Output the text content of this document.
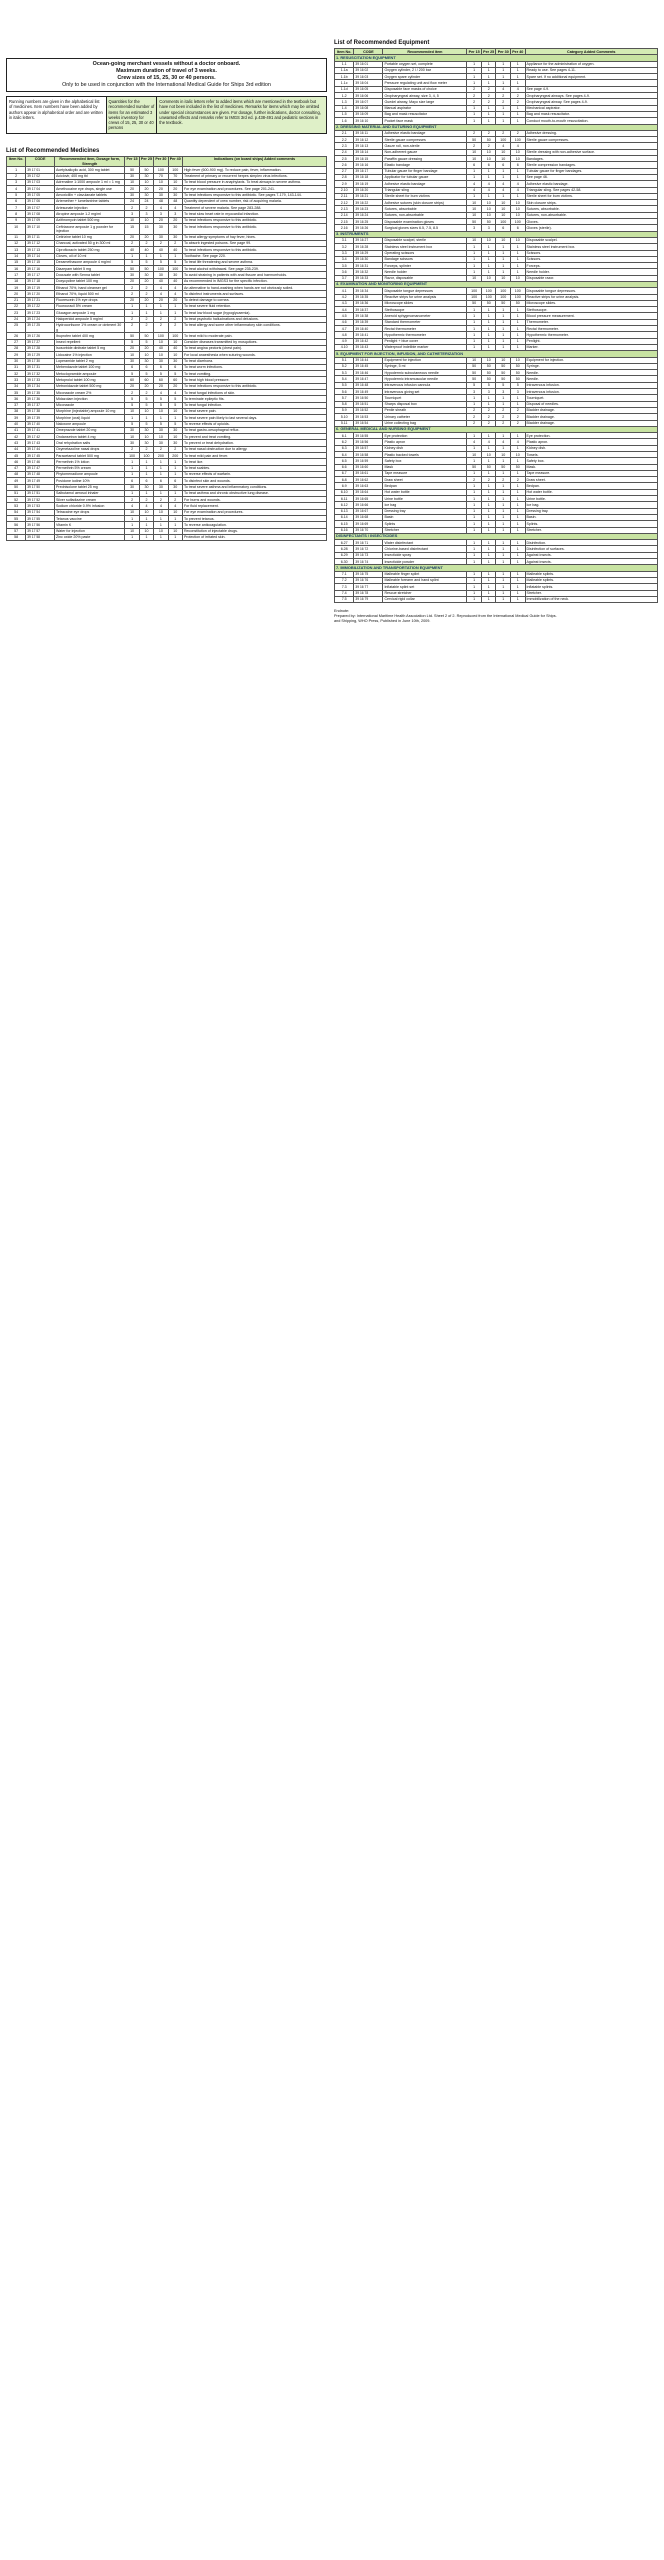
Ocean-going merchant vessels without a doctor onboard.
Maximum duration of travel of 3 weeks.
Crew sizes of 15, 25, 30 or 40 persons.
Only to be used in conjunction with the International Medical Guide for Ships 3rd edition
Running numbers are given in the alphabetical list of medicines. Item numbers have been added by authors appear in alphabetical order and are written in italic letters.
Quantities for the recommended number of items for an estimated 3 weeks inventory for crews of 15, 25, 30 or 40 persons
Comments in italic letters refer to added items which are mentioned in the textbook but have not been included in the list of medicines. Remarks for items which may be omitted under special circumstances are given. For dosage, further indications, doctor consulting, unwanted effects and remarks refer to IMGS 3rd ed. p.438-491 and pediatric sections in the textbook.
List of Recommended Medicines
Item No.	CODE	Recommended item, Dosage form, Strength	Per 15	Per 25	Per 30	Per 40	Indications (on board ships) Added comments
1	39 17 01	Acetylsalicylic acid, 300 mg tablet	50	50	100	100	High fever (600-900 mg). To reduce pain, fever, inflammation.
2	39 17 02	Aciclovir, 400 mg tbl	30	30	70	70	Treatment of primary or recurrent herpes simplex virus infections.
3	39 17 03	Adrenaline 1:1000 ampoule 1 ml = 1 mg	10	10	10	10	To treat blood pressure in anaphylaxis. To treat airways in severe asthma.
4	39 17 04	Amethocaine eye drops, single use	20	20	20	20	For eye examination and procedures. See page 201-241.
5	39 17 05	Amoxicillin + clavulanate tablets	30	30	30	30	To treat infections responsive to this antibiotic. See pages 7-179, 143-144.
6	39 17 06	Artemether + lumefantrine tablets	24	24	48	48	Quantity dependent of crew number, risk of acquiring malaria.
7	39 17 07	Artesunate injection	2	2	4	4	Treatment of severe malaria. See page 283-288.
8	39 17 08	Atropine ampoule 1.2 mg/ml	3	3	3	3	To treat slow heart rate in myocardial infarction.
9	39 17 09	Azithromycin tablet 500 mg	10	10	20	20	To treat infections responsive to this antibiotic.
10	39 17 10	Ceftriaxone ampoule 1 g powder for injection	15	15	30	30	To treat infections responsive to this antibiotic.
11	39 17 11	Cetirizine tablet 10 mg	20	20	30	30	To treat allergy symptoms of hay fever, hives.
12	39 17 12	Charcoal, activated 50 g in 300 ml	2	2	2	2	To absorb ingested poisons. See page 99.
13	39 17 13	Ciprofloxacin tablet 250 mg	40	40	40	40	To treat infections responsive to this antibiotic.
14	39 17 14	Cloves, oil of 10 ml	1	1	1	1	Toothache. See page 220.
15	39 17 15	Dexamethasone ampoule 4 mg/ml	5	5	5	5	To treat life threatening and severe asthma.
16	39 17 16	Diazepam tablet 5 mg	50	50	100	100	To treat alcohol withdrawal. See page 235-239.
17	39 17 17	Docusate with Senna tablet	30	30	30	30	To avoid straining in patients with anal fissure and haemorrhoids.
18	39 17 18	Doxycycline tablet 100 mg	20	20	40	40	As recommended in IMGS3 for the specific infection.
19	39 17 19	Ethanol 70%, hand cleanser gel	2	2	4	4	An alternative to hand-washing when hands are not obviously soiled.
20	39 17 20	Ethanol 70%, liquid 500 ml	2	2	4	4	To disinfect instruments and surfaces.
21	39 17 21	Fluorescein 1% eye drops	20	20	20	20	To detect damage to cornea.
22	39 17 22	Fluorouracil 5% cream	1	1	1	1	To treat severe fluid retention.
23	39 17 23	Glucagon ampoule 1 mg	1	1	1	1	To treat low blood sugar (hypoglycaemia).
24	39 17 24	Haloperidol ampoule 5 mg/ml	2	2	2	2	To treat psychotic hallucinations and delusions.
25	39 17 25	Hydrocortisone 1% cream or ointment 30 g	2	2	2	2	To treat allergy and some other inflammatory skin conditions.
26	39 17 26	Ibuprofen tablet 400 mg	50	50	100	100	To treat mild to moderate pain.
27	39 17 27	Insect repellent	5	5	10	10	Consider diseases transmitted by mosquitoes.
28	39 17 28	Isosorbide dinitrate tablet 5 mg	20	20	40	40	To treat angina pectoris (chest pain).
29	39 17 29	Lidocaine 1% injection	10	10	10	10	For local anaesthesia when suturing wounds.
30	39 17 30	Loperamide tablet 2 mg	30	30	30	30	To treat diarrhoea.
31	39 17 31	Mebendazole tablet 100 mg	6	6	6	6	To treat worm infections.
32	39 17 32	Metoclopramide ampoule	5	5	5	5	To treat vomiting.
33	39 17 33	Metoprolol tablet 100 mg	60	60	60	60	To treat high blood pressure.
34	39 17 34	Metronidazole tablet 500 mg	20	20	20	20	To treat infections responsive to this antibiotic.
35	39 17 35	Miconazole cream 2%	2	2	4	4	To treat fungal infections of skin.
36	39 17 36	Midazolam injection	5	5	5	5	To terminate epileptic fits.
37	39 17 37	Miconazole	5	5	5	5	To treat fungal infection.
38	39 17 38	Morphine (injectable) ampoule 10 mg	10	10	10	10	To treat severe pain.
39	39 17 39	Morphine (oral) liquid	1	1	1	1	To treat severe pain likely to last several days.
40	39 17 40	Naloxone ampoule	5	5	5	5	To reverse effects of opioids.
41	39 17 41	Omeprazole tablet 20 mg	30	30	30	30	To treat gastro-oesophageal reflux.
42	39 17 42	Ondansetron tablet 4 mg	10	10	10	10	To prevent and treat vomiting.
43	39 17 43	Oral rehydration salts	30	30	30	30	To prevent or treat dehydration.
44	39 17 44	Oxymetazoline nasal drops	2	2	2	2	To treat nasal obstruction due to allergy.
45	39 17 45	Paracetamol tablet 500 mg	100	100	200	200	To treat mild pain and fever.
46	39 17 46	Permethrin 1% lotion	1	1	1	1	To treat lice.
47	39 17 47	Permethrin 5% cream	1	1	1	1	To treat scabies.
48	39 17 48	Phytomenadione ampoule	1	1	1	1	To reverse effects of warfarin.
49	39 17 49	Povidone iodine 10%	6	6	6	6	To disinfect skin and wounds.
50	39 17 50	Prednisolone tablet 25 mg	30	30	30	30	To treat severe asthma and inflammatory conditions.
51	39 17 51	Salbutamol aerosol inhaler	1	1	1	1	To treat asthma and chronic obstructive lung disease.
52	39 17 52	Silver sulfadiazine cream	2	2	2	2	For burns and wounds.
53	39 17 53	Sodium chloride 0.9% infusion	4	4	4	4	For fluid replacement.
54	39 17 54	Tetracaine eye drops	10	10	10	10	For eye examination and procedures.
55	39 17 55	Tetanus vaccine	1	1	1	1	To prevent tetanus.
56	39 17 56	Vitamin K	1	1	1	1	To reverse anticoagulation.
57	39 17 57	Water for injection	10	10	10	10	Reconstitution of injectable drugs.
58	39 17 58	Zinc oxide 20% paste	1	1	1	1	Protection of irritated skin.
List of Recommended Equipment
Item No.	CODE	Recommended item	Per 15	Per 25	Per 30	Per 40	Category Added Comments
1. RESUSCITATION EQUIPMENT							
1.1	39 16 01	Portable oxygen set, complete	1	1	1	1	Appliance for the administration of oxygen.
1.1a	39 16 02	Oxygen cylinder, 2 l / 200 bar	1	1	1	1	Ready to use. See pages 4-11.
1.1b	39 16 03	Oxygen spare cylinder	1	1	1	1	Spare set. If no additional equipment.
1.1c	39 16 04	Pressure regulating unit and flow meter	1	1	1	1	
1.1d	39 16 05	Disposable face masks of choice	2	2	4	4	See page 4-9.
1.2	39 16 06	Oropharyngeal airway, size 3, 4, 5	2	2	2	2	Oropharyngeal airways. See pages 4-9.
1.3	39 16 07	Guedel airway, Mayo size large	2	2	2	2	Oropharyngeal airway. See pages 4-9.
1.4	39 16 08	Manual aspirator	1	1	1	1	Mechanical aspirator.
1.5	39 16 09	Bag and mask resuscitator	1	1	1	1	Bag and mask resuscitator.
1.6	39 16 10	Pocket face mask	1	1	1	1	Conduct mouth-to-mouth resuscitation.
2. DRESSING MATERIAL AND SUTURING EQUIPMENT							
2.1	39 16 11	Adhesive elastic bandage	2	2	2	2	Adhesive dressing.
2.2	39 16 12	Sterile gauze compresses	50	50	100	100	Sterile gauze compresses.
2.3	39 16 13	Gauze roll, non-sterile	2	2	4	4	
2.4	39 16 14	Non-adherent gauze	10	10	10	10	Sterile dressing with non-adhesive surface.
2.5	39 16 15	Paraffin gauze dressing	10	10	10	10	Bandages.
2.6	39 16 16	Elastic bandage	6	6	6	6	Sterile compression bandages.
2.7	39 16 17	Tubular gauze for finger bandage	1	1	1	1	Tubular gauze for finger bandages.
2.8	39 16 18	Applicator for tubular gauze	1	1	1	1	See page 46.
2.9	39 16 19	Adhesive elastic bandage	4	4	4	4	Adhesive elastic bandage.
2.10	39 16 20	Triangular sling	4	4	4	4	Triangular sling. See pages 42-58.
2.11	39 16 21	Sterile sheet for burn victims	1	1	1	1	Sterile sheet for burn victims.
2.12	39 16 22	Adhesive sutures (skin closure strips)	10	10	10	10	Skin closure strips.
2.13	39 16 23	Sutures, absorbable	10	10	10	10	Sutures, absorbable.
2.14	39 16 24	Sutures, non-absorbable	10	10	10	10	Sutures, non-absorbable.
2.15	39 16 25	Disposable examination gloves	50	50	100	100	Gloves.
2.16	39 16 26	Surgical gloves sizes 6.5, 7.5, 8.5	3	3	6	6	Gloves (sterile).
3. INSTRUMENTS							
3.1	39 16 27	Disposable scalpel, sterile	10	10	10	10	Disposable scalpel.
3.2	39 16 28	Stainless steel instrument box	1	1	1	1	Stainless steel instrument box.
3.3	39 16 29	Operating scissors	1	1	1	1	Scissors.
3.4	39 16 30	Bandage scissors	1	1	1	1	Scissors.
3.5	39 16 31	Forceps, splinter	1	1	1	1	Forceps.
3.6	39 16 32	Needle holder	1	1	1	1	Needle holder.
3.7	39 16 33	Razor, disposable	10	10	10	10	Disposable razor.
4. EXAMINATION AND MONITORING EQUIPMENT							
4.1	39 16 34	Disposable tongue depressors	100	100	100	100	Disposable tongue depressors.
4.2	39 16 35	Reactive strips for urine analysis	100	100	100	100	Reactive strips for urine analysis.
4.3	39 16 36	Microscope slides	50	50	50	50	Microscope slides.
4.4	39 16 37	Stethoscope	1	1	1	1	Stethoscope.
4.5	39 16 38	Aneroid sphygmomanometer	1	1	1	1	Blood pressure measurement.
4.6	39 16 39	Standard thermometer	1	1	1	1	Thermometer.
4.7	39 16 40	Rectal thermometer	1	1	1	1	Rectal thermometer.
4.8	39 16 41	Hypothermic thermometer	1	1	1	1	Hypothermic thermometer.
4.9	39 16 42	Penlight + blue cover	1	1	1	1	Penlight.
4.10	39 16 43	Waterproof indelible marker	1	1	1	1	Marker.
5. EQUIPMENT FOR INJECTION, INFUSION, AND CATHETERIZATION							
5.1	39 16 44	Equipment for injection	10	10	10	10	Equipment for injection.
5.2	39 16 45	Syringe, 5 ml	50	50	50	50	Syringe.
5.3	39 16 46	Hypodermic subcutaneous needle	50	50	50	50	Needle.
5.4	39 16 47	Hypodermic intramuscular needle	50	50	50	50	Needle.
5.5	39 16 48	Intravenous infusion cannula	5	5	5	5	Intravenous infusion.
5.6	39 16 49	Intravenous giving set	3	3	3	3	Intravenous infusion.
5.7	39 16 50	Tourniquet	1	1	1	1	Tourniquet.
5.8	39 16 51	Sharps disposal box	1	1	1	1	Disposal of needles.
5.9	39 16 52	Penile sheath	2	2	2	2	Bladder drainage.
5.10	39 16 53	Urinary catheter	2	2	2	2	Bladder drainage.
5.11	39 16 54	Urine collecting bag	2	2	2	2	Bladder drainage.
6. GENERAL MEDICAL AND NURSING EQUIPMENT							
6.1	39 16 55	Eye protection	1	1	1	1	Eye protection.
6.2	39 16 56	Plastic apron	4	4	4	4	Plastic apron.
6.3	39 16 57	Kidney dish	1	1	1	1	Kidney dish.
6.4	39 16 58	Plastic backed towels	10	10	10	10	Towels.
6.5	39 16 59	Safety box	1	1	1	1	Safety box.
6.6	39 16 60	Mask	50	50	50	50	Mask.
6.7	39 16 61	Tape measure	1	1	1	1	Tape measure.
6.8	39 16 62	Draw sheet	2	2	2	2	Draw sheet.
6.9	39 16 63	Bedpan	1	1	1	1	Bedpan.
6.10	39 16 64	Hot water bottle	1	1	1	1	Hot water bottle.
6.11	39 16 65	Urine bottle	1	1	1	1	Urine bottle.
6.12	39 16 66	Ice bag	1	1	1	1	Ice bag.
6.13	39 16 67	Dressing tray	1	1	1	1	Dressing tray.
6.14	39 16 68	Basin	1	1	1	1	Basin.
6.15	39 16 69	Splints	1	1	1	1	Splints.
6.16	39 16 70	Stretcher	1	1	1	1	Stretcher.
DISINFECTANTS / INSECTICIDES							
6.27	39 16 71	Water disinfectant	1	1	1	1	Disinfection.
6.28	39 16 72	Chlorine-based disinfectant	1	1	1	1	Disinfection of surfaces.
6.29	39 16 73	Insecticide spray	1	1	1	1	Against insects.
6.30	39 16 74	Insecticide powder	1	1	1	1	Against insects.
7. IMMOBILIZATION AND TRANSPORTATION EQUIPMENT							
7.1	39 16 75	Malleable finger splint	1	1	1	1	Malleable splints.
7.2	39 16 76	Malleable forearm and hand splint	1	1	1	1	Malleable splints.
7.3	39 16 77	Inflatable splint set	1	1	1	1	Inflatable splints.
7.4	39 16 78	Rescue stretcher	1	1	1	1	Stretcher.
7.5	39 16 79	Cervical rigid collar	1	1	1	1	Immobilization of the neck.
Endnote:
Prepared by: International Maritime Health Association Ltd. Sheet 2 of 2. Reproduced from the International Medical Guide for Ships.
and Shipping, WHO Press, Published in June 10th, 2009.
